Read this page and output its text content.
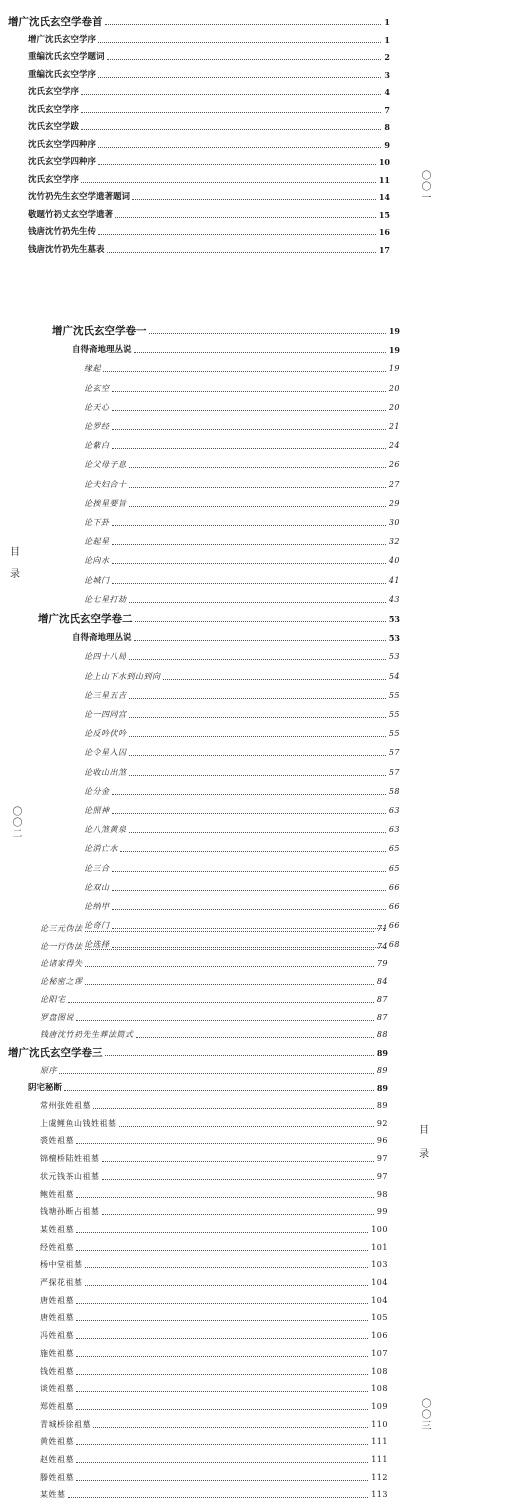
〇〇一
增广沈氏玄空学卷首	1
增广沈氏玄空学序	1
重编沈氏玄空学题词	2
重编沈氏玄空学序	3
沈氏玄空学序	4
沈氏玄空学序	7
沈氏玄空学跋	8
沈氏玄空学四种序	9
沈氏玄空学四种序	10
沈氏玄空学序	11
沈竹礽先生玄空学遗著题词	14
敬题竹礽丈玄空学遗著	15
钱唐沈竹礽先生传	16
钱唐沈竹礽先生墓表	17
目
录
〇〇二
增广沈氏玄空学卷一	19
自得斋地理丛说	19
缘起	19
论玄空	20
论天心	20
论罗经	21
论紫白	24
论父母子息	26
论夫妇合十	27
论挨星要旨	29
论下卦	30
论起星	32
论向水	40
论城门	41
论七星打劫	43
增广沈氏玄空学卷二	53
自得斋地理丛说	53
论四十八局	53
论上山下水到山到向	54
论三星五吉	55
论一四同宫	55
论反吟伏吟	55
论令星入囚	57
论收山出煞	57
论分金	58
论照神	63
论八煞黄泉	63
论消亡水	65
论三合	65
论双山	66
论纳甲	66
论奇门	66
论选择	68
目
录
〇〇三
论三元伪法	71
论一行伪法	74
论诸家得失	79
论秘密之谬	84
论阳宅	87
罗盘图说	87
钱唐沈竹礽先生葬法简式	88
增广沈氏玄空学卷三	89
原序	89
阴宅秘断	89
常州张姓祖墓	89
上虞鲤鱼山钱姓祖墓	92
裘姓祖墓	96
锦檀桥陆姓祖墓	97
状元钱茶山祖墓	97
鲍姓祖墓	98
钱塘孙断占祖墓	99
某姓祖墓	100
经姓祖墓	101
杨中堂祖墓	103
严探花祖墓	104
唐姓祖墓	104
唐姓祖墓	105
冯姓祖墓	106
施姓祖墓	107
钱姓祖墓	108
谈姓祖墓	108
郑姓祖墓	109
青城桥徐祖墓	110
黄姓祖墓	111
赵姓祖墓	111
滕姓祖墓	112
某姓墓	113
